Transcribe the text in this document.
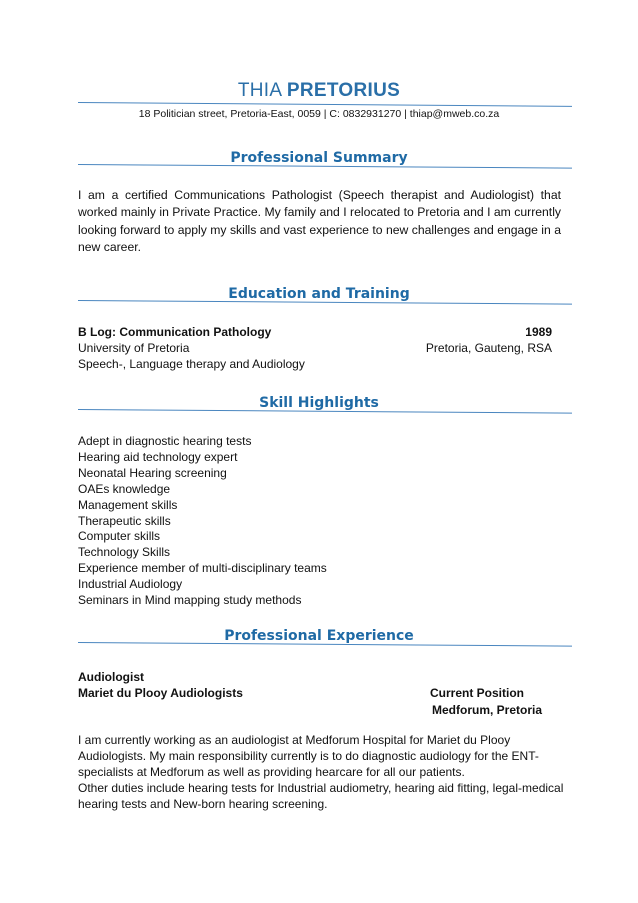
THIA PRETORIUS
18 Politician street, Pretoria-East, 0059 | C: 0832931270 | thiap@mweb.co.za
Professional Summary
I am a certified Communications Pathologist (Speech therapist and Audiologist) that worked mainly in Private Practice. My family and I relocated to Pretoria and I am currently looking forward to apply my skills and vast experience to new challenges and engage in a new career.
Education and Training
B Log: Communication Pathology	1989
University of Pretoria	Pretoria, Gauteng, RSA
Speech-, Language therapy and Audiology
Skill Highlights
Adept in diagnostic hearing tests
Hearing aid technology expert
Neonatal Hearing screening
OAEs knowledge
Management skills
Therapeutic skills
Computer skills
Technology Skills
Experience member of multi-disciplinary teams
Industrial Audiology
Seminars in Mind mapping study methods
Professional Experience
Audiologist
Mariet du Plooy Audiologists	Current Position
Medforum, Pretoria
I am currently working as an audiologist at Medforum Hospital for Mariet du Plooy Audiologists. My main responsibility currently is to do diagnostic audiology for the ENT-specialists at Medforum as well as providing hearcare for all our patients.
Other duties include hearing tests for Industrial audiometry, hearing aid fitting, legal-medical hearing tests and New-born hearing screening.
